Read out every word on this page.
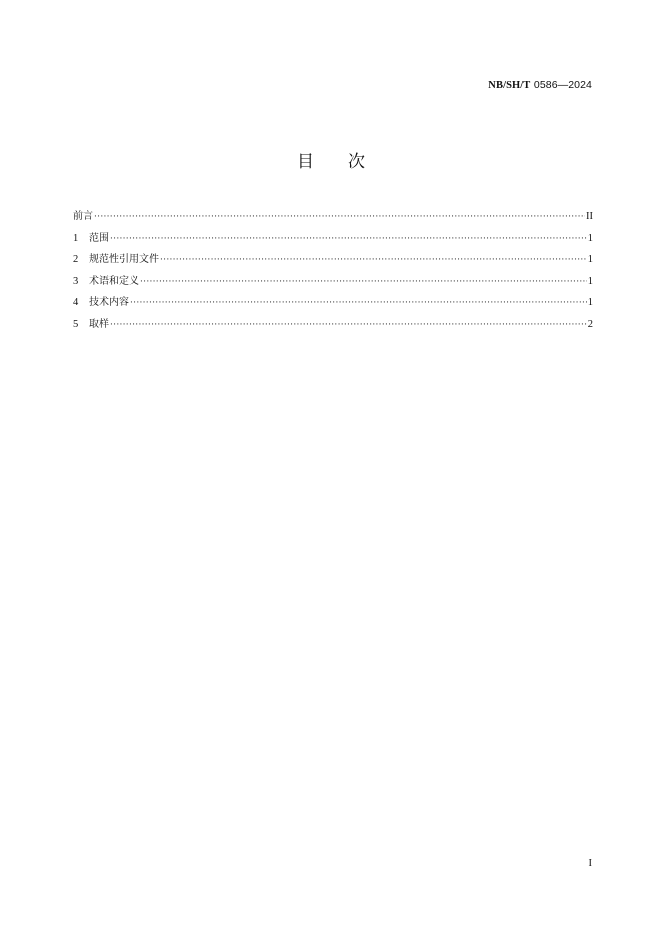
NB/SH/T 0586—2024
目次
前言 ·····	II
1	范围 ·····	1
2	规范性引用文件 ·····	1
3	术语和定义 ·····	1
4	技术内容 ·····	1
5	取样 ·····	2
I
